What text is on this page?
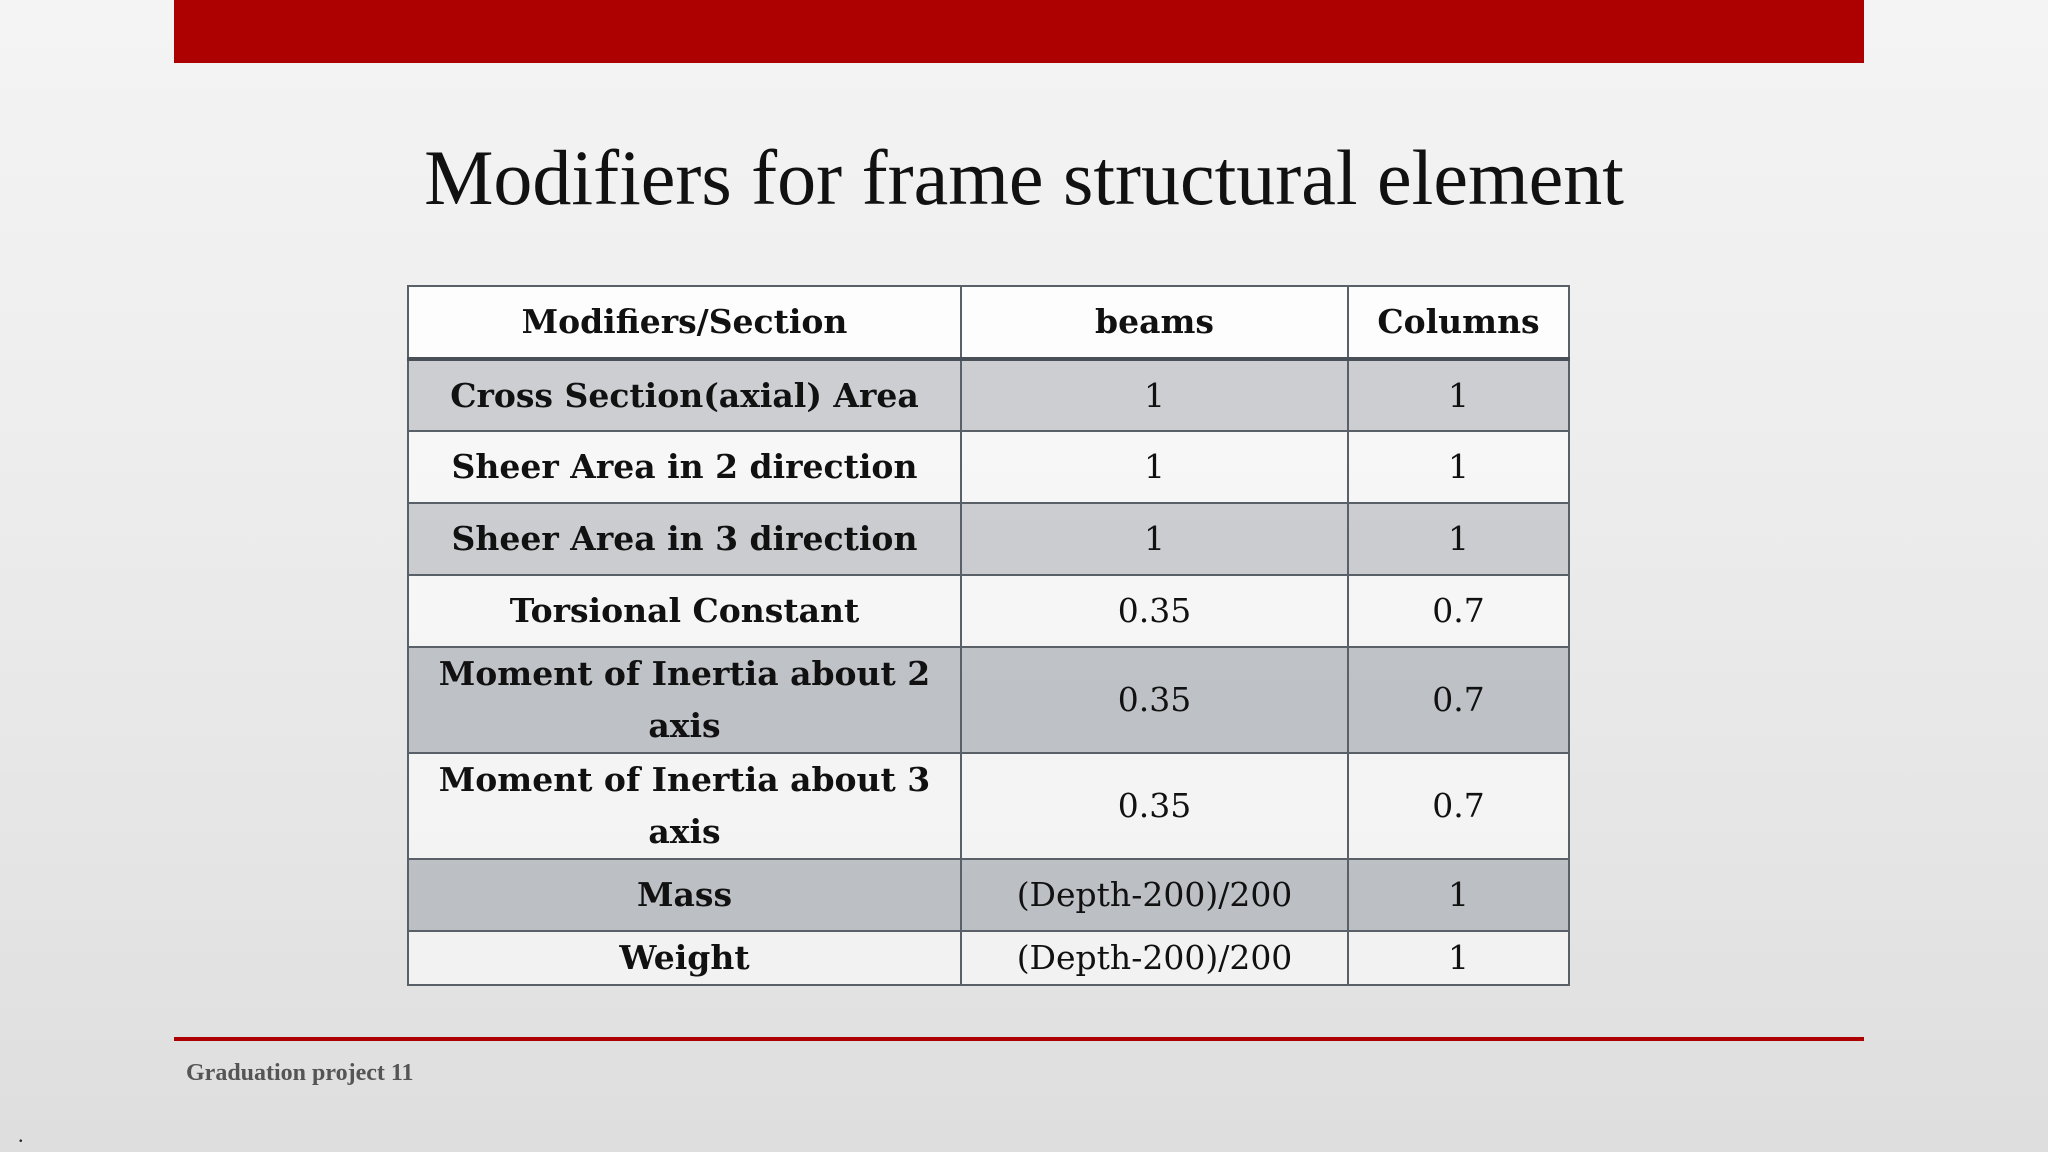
Modifiers for frame structural element
Modifiers/Section	beams	Columns
Cross Section(axial) Area	1	1
Sheer Area in 2 direction	1	1
Sheer Area in 3 direction	1	1
Torsional Constant	0.35	0.7
Moment of Inertia about 2 axis	0.35	0.7
Moment of Inertia about 3 axis	0.35	0.7
Mass	(Depth-200)/200	1
Weight	(Depth-200)/200	1
Graduation project 11
.
